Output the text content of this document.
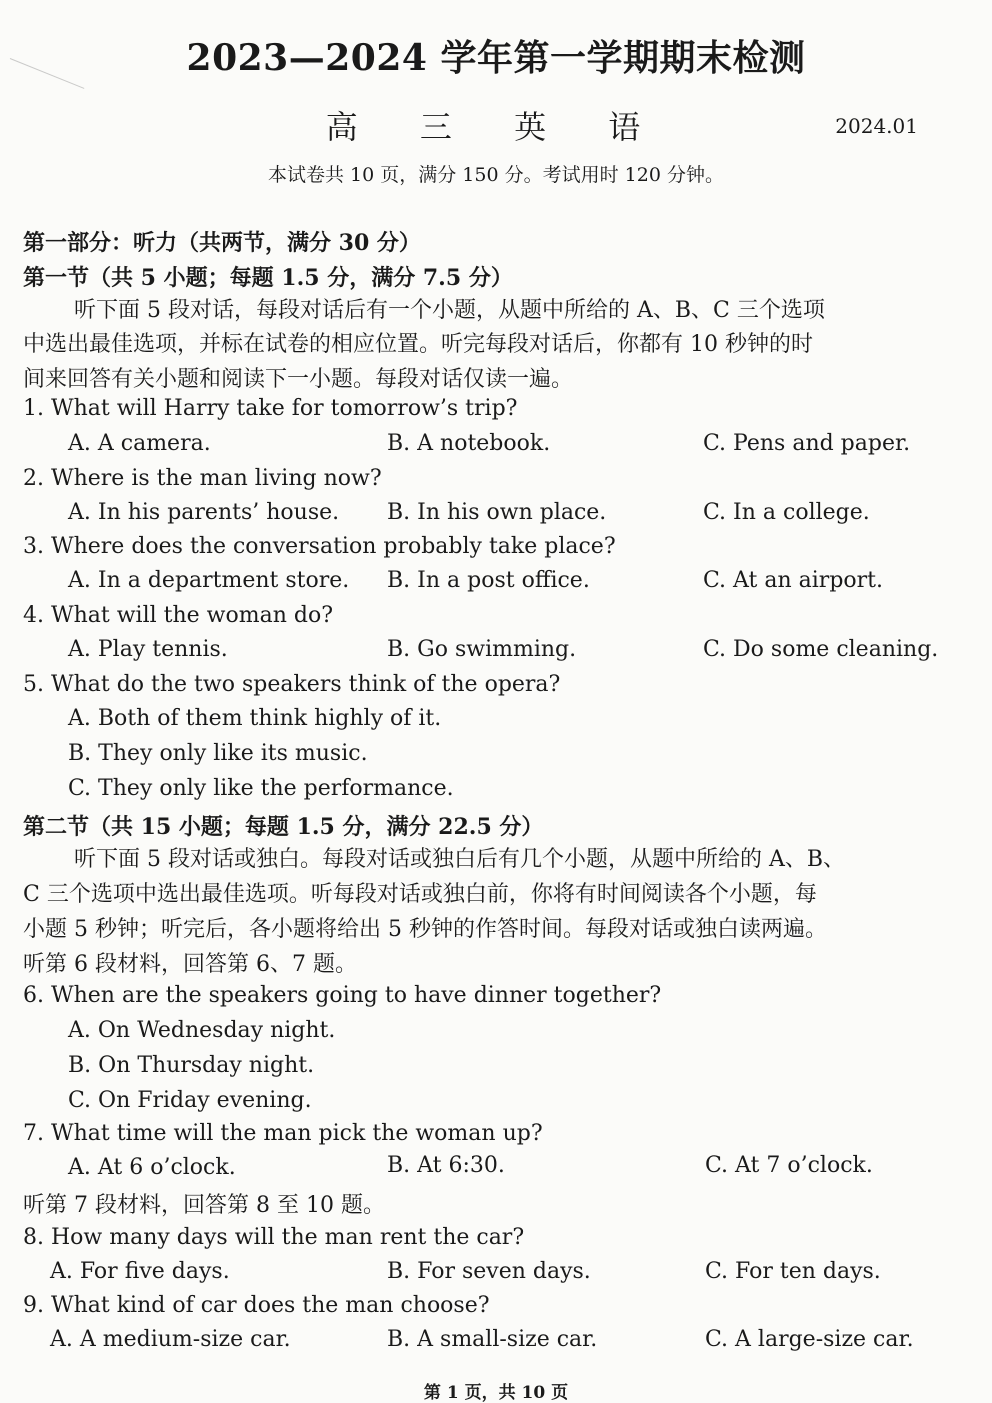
2023—2024 学年第一学期期末检测
高 三 英 语	2024.01
本试卷共 10 页，满分 150 分。考试用时 120 分钟。
第一部分：听力（共两节，满分 30 分）
第一节（共 5 小题；每题 1.5 分，满分 7.5 分）
听下面 5 段对话，每段对话后有一个小题，从题中所给的 A、B、C 三个选项
中选出最佳选项，并标在试卷的相应位置。听完每段对话后，你都有 10 秒钟的时
间来回答有关小题和阅读下一小题。每段对话仅读一遍。
1. What will Harry take for tomorrow’s trip?
A. A camera.	B. A notebook.	C. Pens and paper.
2. Where is the man living now?
A. In his parents’ house. B. In his own place.	C. In a college.
3. Where does the conversation probably take place?
A. In a department store. B. In a post office.	C. At an airport.
4. What will the woman do?
A. Play tennis.	B. Go swimming.	C. Do some cleaning.
5. What do the two speakers think of the opera?
A. Both of them think highly of it.
B. They only like its music.
C. They only like the performance.
第二节（共 15 小题；每题 1.5 分，满分 22.5 分）
听下面 5 段对话或独白。每段对话或独白后有几个小题，从题中所给的 A、B、
C 三个选项中选出最佳选项。听每段对话或独白前，你将有时间阅读各个小题，每
小题 5 秒钟；听完后，各小题将给出 5 秒钟的作答时间。每段对话或独白读两遍。
听第 6 段材料，回答第 6、7 题。
6. When are the speakers going to have dinner together?
A. On Wednesday night.
B. On Thursday night.
C. On Friday evening.
7. What time will the man pick the woman up?
A. At 6 o’clock.	B. At 6:30.	C. At 7 o’clock.
听第 7 段材料，回答第 8 至 10 题。
8. How many days will the man rent the car?
A. For five days.	B. For seven days.	C. For ten days.
9. What kind of car does the man choose?
A. A medium-size car.	B. A small-size car.	C. A large-size car.
第 1 页，共 10 页
